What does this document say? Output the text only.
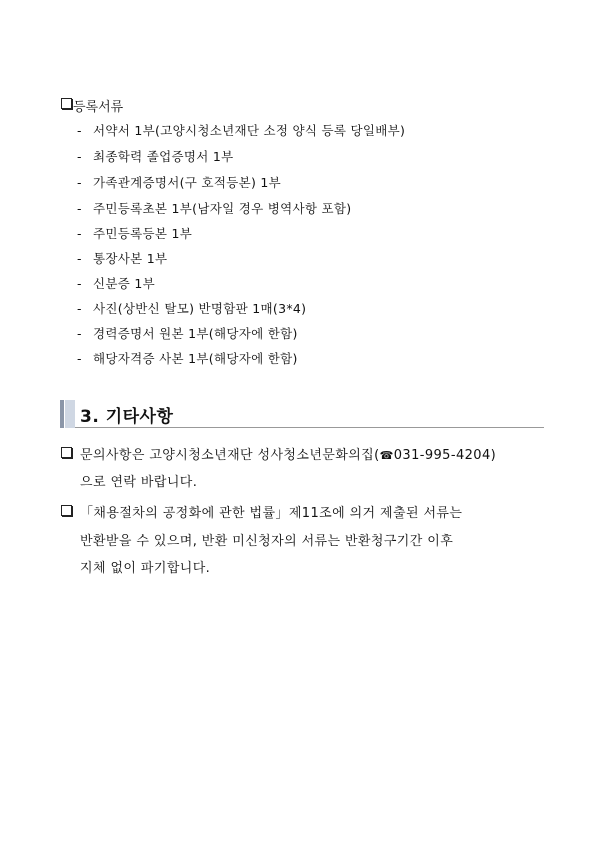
등록서류
- 서약서 1부(고양시청소년재단 소정 양식 등록 당일배부)
- 최종학력 졸업증명서 1부
- 가족관계증명서(구 호적등본) 1부
- 주민등록초본 1부(남자일 경우 병역사항 포함)
- 주민등록등본 1부
- 통장사본 1부
- 신분증 1부
- 사진(상반신 탈모) 반명함판 1매(3*4)
- 경력증명서 원본 1부(해당자에 한함)
- 해당자격증 사본 1부(해당자에 한함)
3. 기타사항
문의사항은 고양시청소년재단 성사청소년문화의집(☎031-995-4204)
으로 연락 바랍니다.
「채용절차의 공정화에 관한 법률」제11조에 의거 제출된 서류는
반환받을 수 있으며, 반환 미신청자의 서류는 반환청구기간 이후
지체 없이 파기합니다.
